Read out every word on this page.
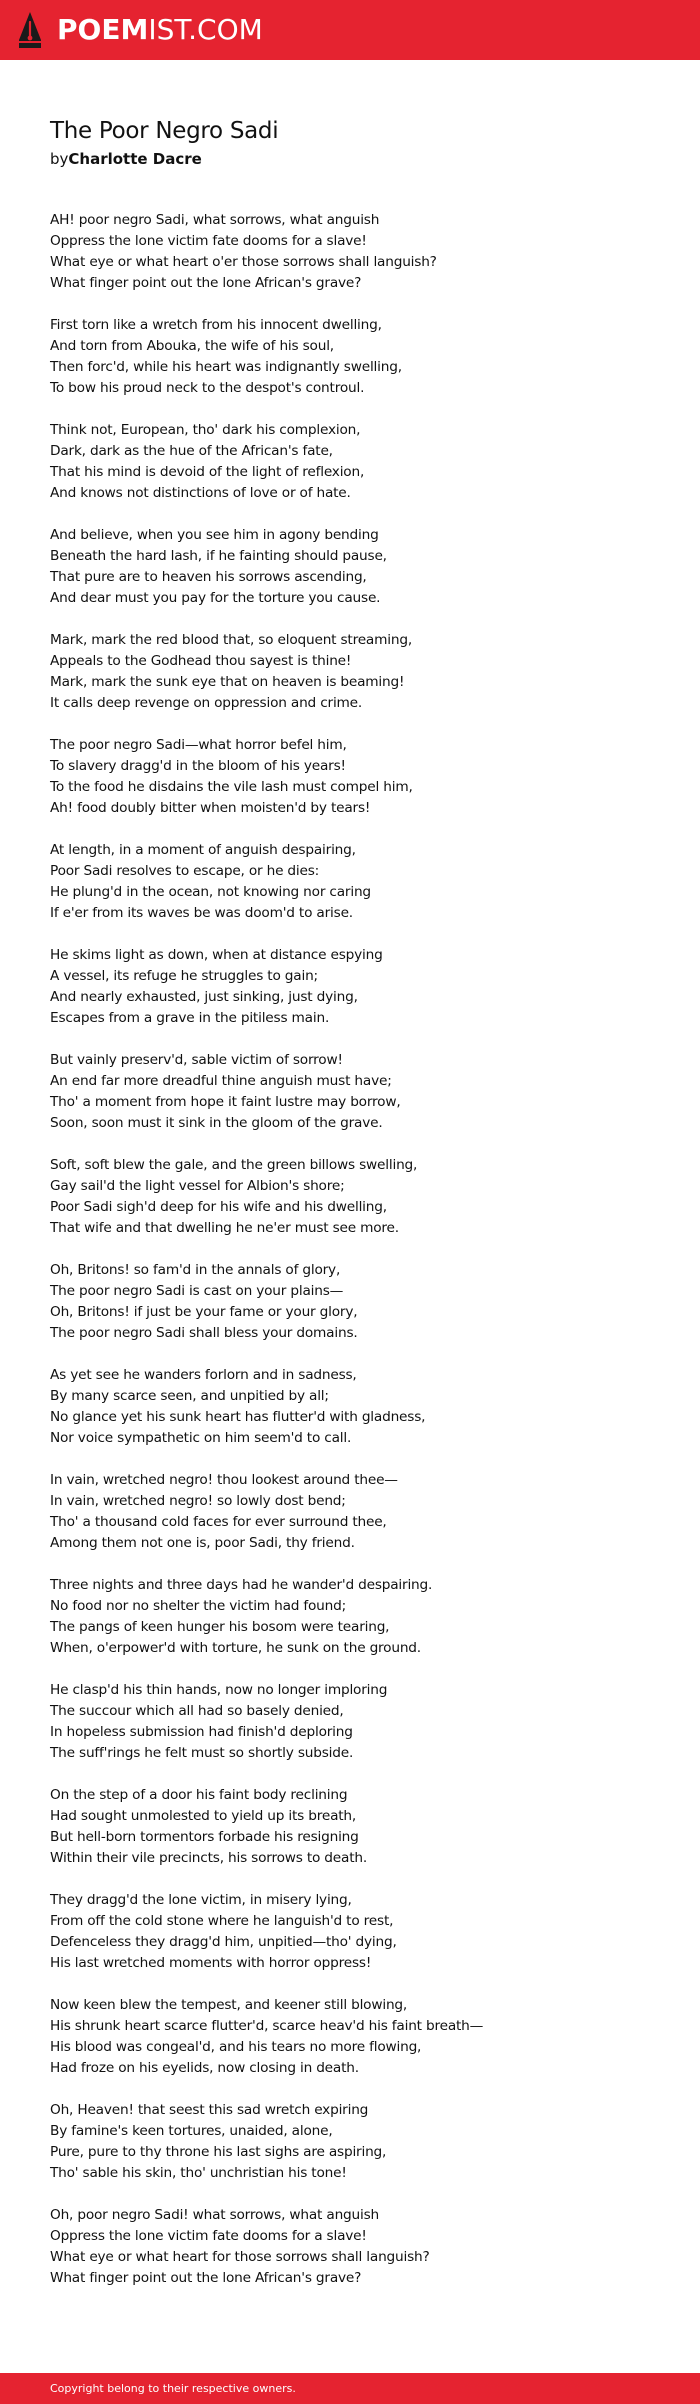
POEMIST.COM
The Poor Negro Sadi
byCharlotte Dacre
AH! poor negro Sadi, what sorrows, what anguish
Oppress the lone victim fate dooms for a slave!
What eye or what heart o'er those sorrows shall languish?
What finger point out the lone African's grave?
First torn like a wretch from his innocent dwelling,
And torn from Abouka, the wife of his soul,
Then forc'd, while his heart was indignantly swelling,
To bow his proud neck to the despot's controul.
Think not, European, tho' dark his complexion,
Dark, dark as the hue of the African's fate,
That his mind is devoid of the light of reflexion,
And knows not distinctions of love or of hate.
And believe, when you see him in agony bending
Beneath the hard lash, if he fainting should pause,
That pure are to heaven his sorrows ascending,
And dear must you pay for the torture you cause.
Mark, mark the red blood that, so eloquent streaming,
Appeals to the Godhead thou sayest is thine!
Mark, mark the sunk eye that on heaven is beaming!
It calls deep revenge on oppression and crime.
The poor negro Sadi—what horror befel him,
To slavery dragg'd in the bloom of his years!
To the food he disdains the vile lash must compel him,
Ah! food doubly bitter when moisten'd by tears!
At length, in a moment of anguish despairing,
Poor Sadi resolves to escape, or he dies:
He plung'd in the ocean, not knowing nor caring
If e'er from its waves be was doom'd to arise.
He skims light as down, when at distance espying
A vessel, its refuge he struggles to gain;
And nearly exhausted, just sinking, just dying,
Escapes from a grave in the pitiless main.
But vainly preserv'd, sable victim of sorrow!
An end far more dreadful thine anguish must have;
Tho' a moment from hope it faint lustre may borrow,
Soon, soon must it sink in the gloom of the grave.
Soft, soft blew the gale, and the green billows swelling,
Gay sail'd the light vessel for Albion's shore;
Poor Sadi sigh'd deep for his wife and his dwelling,
That wife and that dwelling he ne'er must see more.
Oh, Britons! so fam'd in the annals of glory,
The poor negro Sadi is cast on your plains—
Oh, Britons! if just be your fame or your glory,
The poor negro Sadi shall bless your domains.
As yet see he wanders forlorn and in sadness,
By many scarce seen, and unpitied by all;
No glance yet his sunk heart has flutter'd with gladness,
Nor voice sympathetic on him seem'd to call.
In vain, wretched negro! thou lookest around thee—
In vain, wretched negro! so lowly dost bend;
Tho' a thousand cold faces for ever surround thee,
Among them not one is, poor Sadi, thy friend.
Three nights and three days had he wander'd despairing.
No food nor no shelter the victim had found;
The pangs of keen hunger his bosom were tearing,
When, o'erpower'd with torture, he sunk on the ground.
He clasp'd his thin hands, now no longer imploring
The succour which all had so basely denied,
In hopeless submission had finish'd deploring
The suff'rings he felt must so shortly subside.
On the step of a door his faint body reclining
Had sought unmolested to yield up its breath,
But hell-born tormentors forbade his resigning
Within their vile precincts, his sorrows to death.
They dragg'd the lone victim, in misery lying,
From off the cold stone where he languish'd to rest,
Defenceless they dragg'd him, unpitied—tho' dying,
His last wretched moments with horror oppress!
Now keen blew the tempest, and keener still blowing,
His shrunk heart scarce flutter'd, scarce heav'd his faint breath—
His blood was congeal'd, and his tears no more flowing,
Had froze on his eyelids, now closing in death.
Oh, Heaven! that seest this sad wretch expiring
By famine's keen tortures, unaided, alone,
Pure, pure to thy throne his last sighs are aspiring,
Tho' sable his skin, tho' unchristian his tone!
Oh, poor negro Sadi! what sorrows, what anguish
Oppress the lone victim fate dooms for a slave!
What eye or what heart for those sorrows shall languish?
What finger point out the lone African's grave?
Copyright belong to their respective owners.
